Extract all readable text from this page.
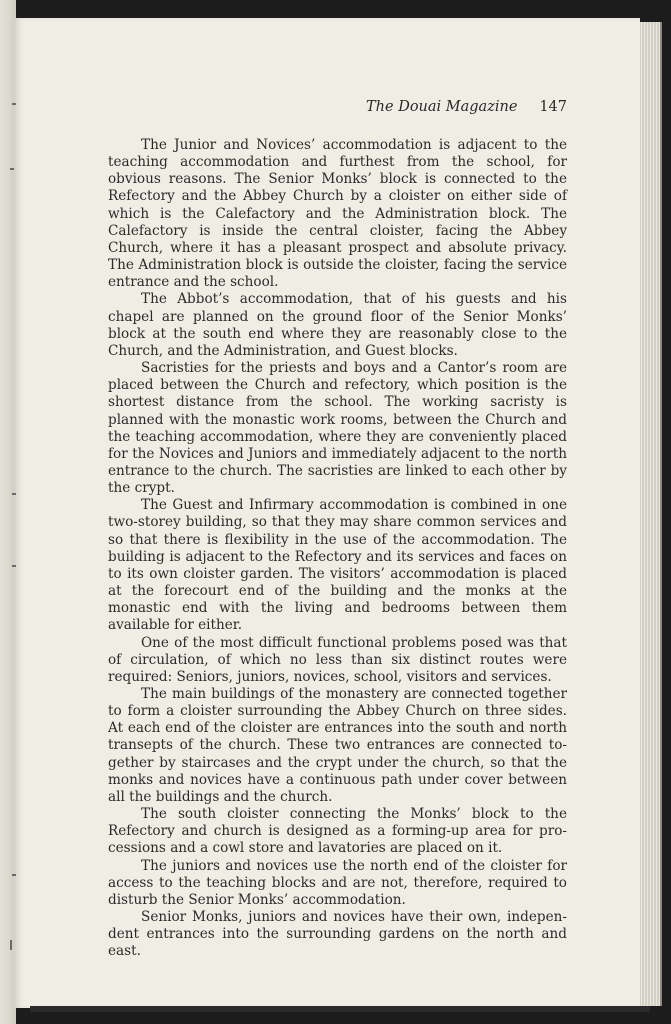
The Douai Magazine 147

The Junior and Novices’ accommodation is adjacent to the teaching accommodation and furthest from the school, for obvious reasons. The Senior Monks’ block is connected to the Refectory and the Abbey Church by a cloister on either side of which is the Calefactory and the Administration block. The Calefactory is inside the central cloister, facing the Abbey Church, where it has a pleasant prospect and absolute privacy. The Administration block is outside the cloister, facing the service entrance and the school.

The Abbot’s accommodation, that of his guests and his chapel are planned on the ground floor of the Senior Monks’ block at the south end where they are reasonably close to the Church, and the Administration, and Guest blocks.

Sacristies for the priests and boys and a Cantor’s room are placed between the Church and refectory, which position is the shortest distance from the school. The working sacristy is planned with the monastic work rooms, between the Church and the teaching accommodation, where they are conveniently placed for the Novices and Juniors and immediately adjacent to the north entrance to the church. The sacristies are linked to each other by the crypt.

The Guest and Infirmary accommodation is combined in one two-storey building, so that they may share common services and so that there is flexibility in the use of the accommodation. The building is adjacent to the Refectory and its services and faces on to its own cloister garden. The visitors’ accommodation is placed at the forecourt end of the building and the monks at the monastic end with the living and bedrooms between them available for either.

One of the most difficult functional problems posed was that of circulation, of which no less than six distinct routes were required: Seniors, juniors, novices, school, visitors and services.

The main buildings of the monastery are connected together to form a cloister surrounding the Abbey Church on three sides. At each end of the cloister are entrances into the south and north transepts of the church. These two entrances are connected together by staircases and the crypt under the church, so that the monks and novices have a continuous path under cover between all the buildings and the church.

The south cloister connecting the Monks’ block to the Refectory and church is designed as a forming-up area for processions and a cowl store and lavatories are placed on it.

The juniors and novices use the north end of the cloister for access to the teaching blocks and are not, therefore, required to disturb the Senior Monks’ accommodation.

Senior Monks, juniors and novices have their own, independent entrances into the surrounding gardens on the north and east.
